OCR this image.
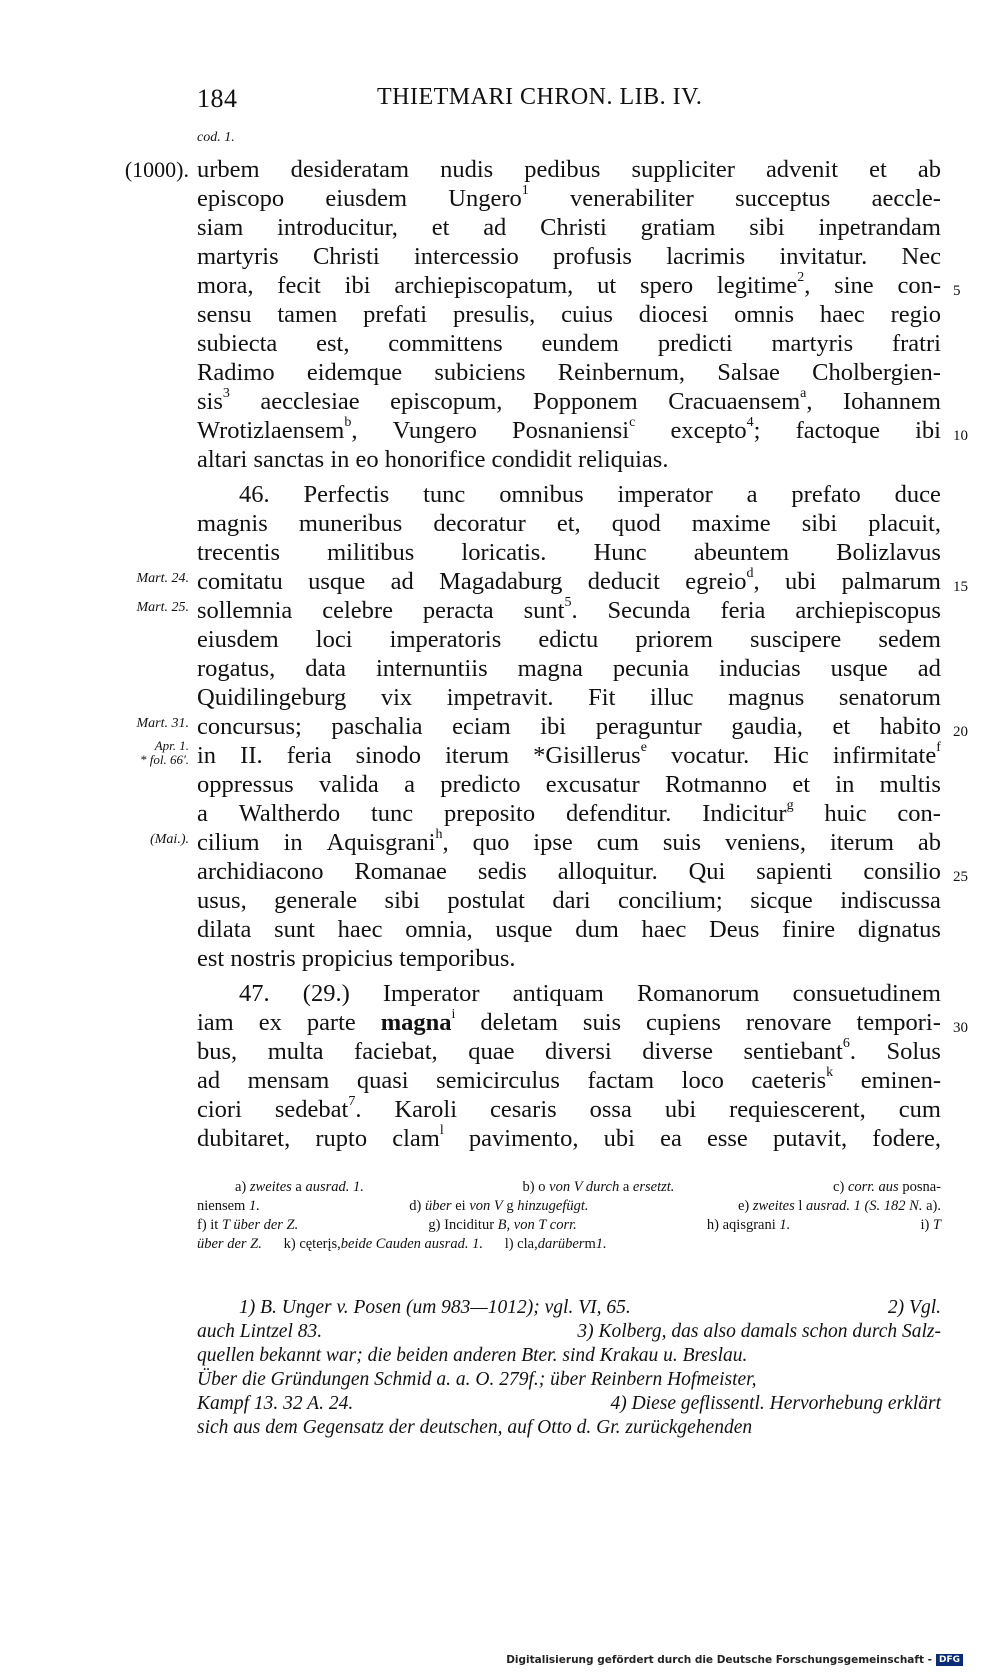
184	THIETMARI CHRON. LIB. IV.
cod. 1.
(1000). urbem desideratam nudis pedibus suppliciter advenit et ab
episcopo eiusdem Ungero$^1$ venerabiliter succeptus aeccle-
siam introducitur, et ad Christi gratiam sibi inpetrandam
martyris Christi intercessio profusis lacrimis invitatur. Nec
mora, fecit ibi archiepiscopatum, ut spero legitime$^2$, sine con- 5
sensu tamen prefati presulis, cuius diocesi omnis haec regio
subiecta est, committens eundem predicti martyris fratri
Radimo eidemque subiciens Reinbernum, Salsae Cholbergien-
sis$^3$ aecclesiae episcopum, Popponem Cracuaensem$^a$, Iohannem
Wrotizlaensem$^b$, Vungero Posnaniensi$^c$ excepto$^4$; factoque ibi 10
altari sanctas in eo honorifice condidit reliquias.
46. Perfectis tunc omnibus imperator a prefato duce
magnis muneribus decoratur et, quod maxime sibi placuit,
trecentis militibus loricatis. Hunc abeuntem Bolizlavus
Mart. 24. comitatu usque ad Magadaburg deducit egreio$^d$, ubi palmarum 15
Mart. 25. sollemnia celebre peracta sunt$^5$. Secunda feria archiepiscopus
eiusdem loci imperatoris edictu priorem suscipere sedem
rogatus, data internuntiis magna pecunia inducias usque ad
Quidilingeburg vix impetravit. Fit illuc magnus senatorum
Mart. 31. concursus; paschalia eciam ibi peraguntur gaudia, et habito 20
Apr. 1.
* fol. 66'. in II. feria sinodo iterum *Gisillerus$^e$ vocatur. Hic infirmitate$^f$
oppressus valida a predicto excusatur Rotmanno et in multis
a Waltherdo tunc preposito defenditur. Indicitur$^g$ huic con-
(Mai.). cilium in Aquisgrani$^h$, quo ipse cum suis veniens, iterum ab
archidiacono Romanae sedis alloquitur. Qui sapienti consilio 25
usus, generale sibi postulat dari concilium; sicque indiscussa
dilata sunt haec omnia, usque dum haec Deus finire dignatus
est nostris propicius temporibus.
47. (29.) Imperator antiquam Romanorum consuetudinem
iam ex parte magna$^i$ deletam suis cupiens renovare tempori- 30
bus, multa faciebat, quae diversi diverse sentiebant$^6$. Solus
ad mensam quasi semicirculus factam loco caeteris$^k$ eminen-
ciori sedebat$^7$. Karoli cesaris ossa ubi requiescerent, cum
dubitaret, rupto clam$^l$ pavimento, ubi ea esse putavit, fodere,
a) zweites a ausrad. 1.	b) o von V durch a ersetzt.	c) corr. aus posna-
niensem 1.	d) über ei von V g hinzugefügt.	e) zweites l ausrad. 1 (S. 182 N. a).
f) it T über der Z.	g) Inciditur B, von T corr.	h) aqisgrani 1.	i) T
über der Z. k) cęterįs, beide Cauden ausrad. 1. l) cla, darüber m 1.
1) B. Unger v. Posen (um 983—1012); vgl. VI, 65.	2) Vgl.
auch Lintzel 83.	3) Kolberg, das also damals schon durch Salz-
quellen bekannt war; die beiden anderen Bter. sind Krakau u. Breslau.
Über die Gründungen Schmid a. a. O. 279f.; über Reinbern Hofmeister,
Kampf 13. 32 A. 24.	4) Diese geflissentl. Hervorhebung erklärt
sich aus dem Gegensatz der deutschen, auf Otto d. Gr. zurückgehenden
Digitalisierung gefördert durch die Deutsche Forschungsgemeinschaft - DFG
